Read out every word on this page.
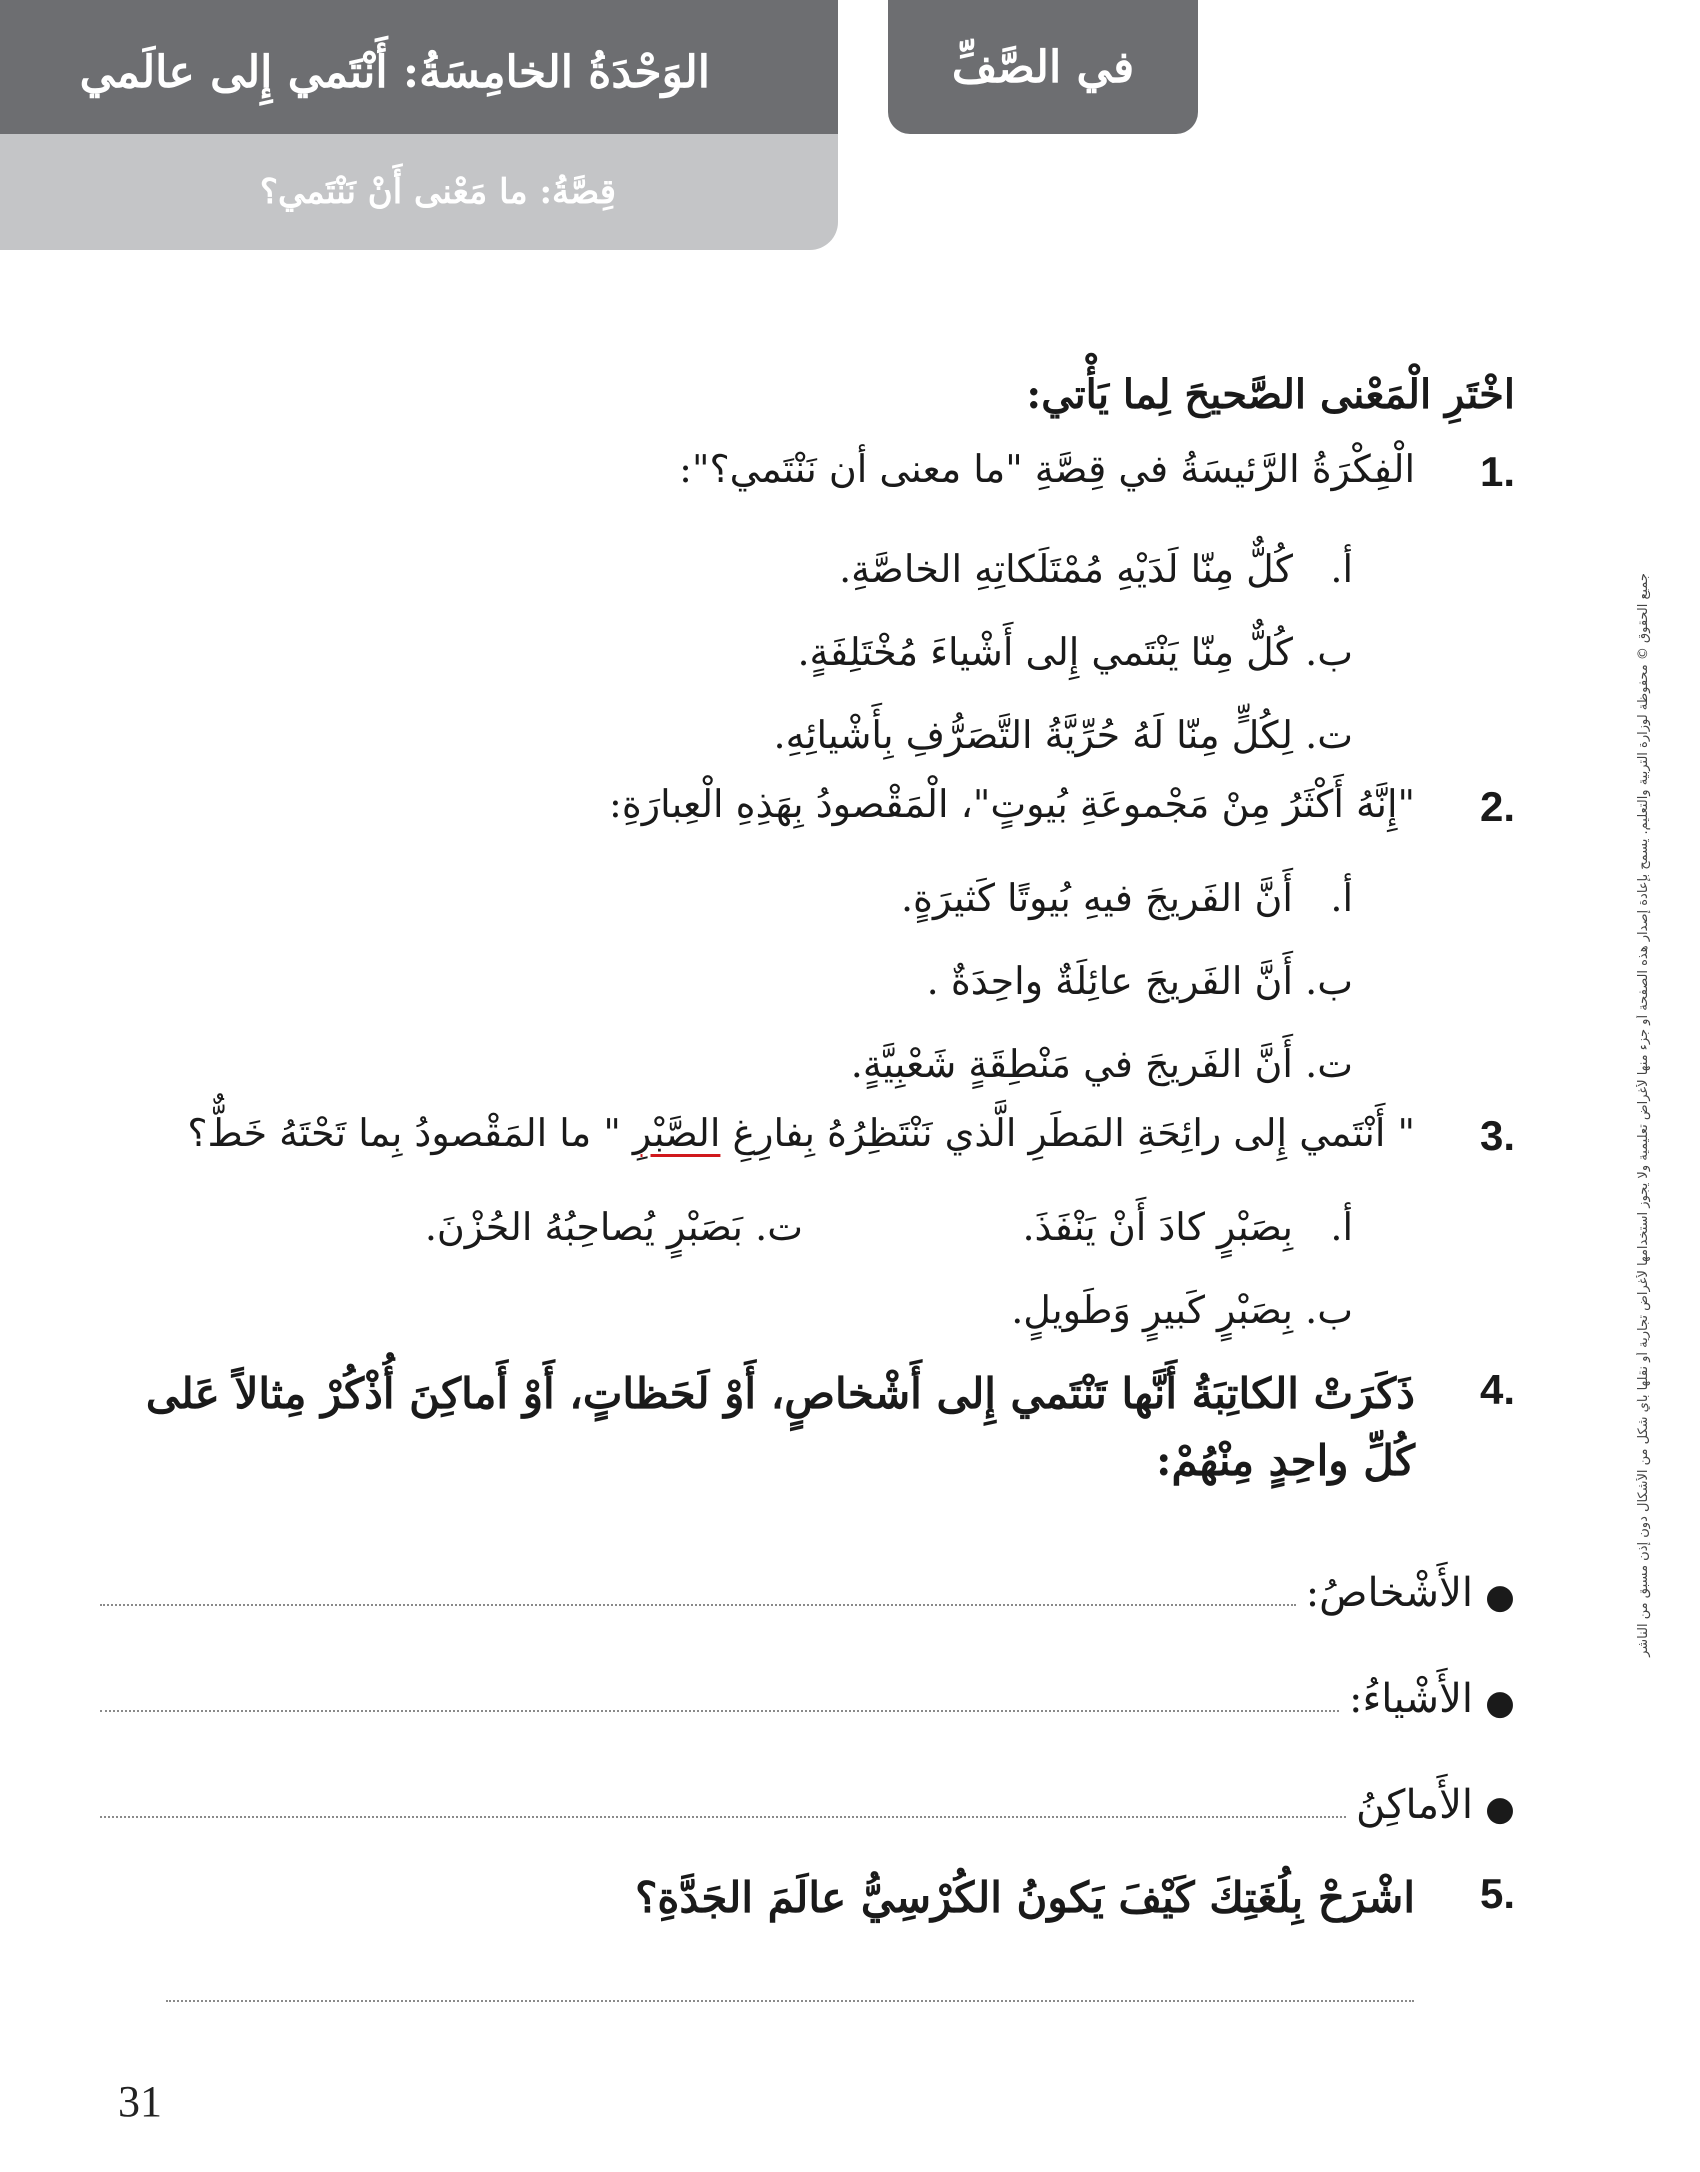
في الصَّفِّ
الوَحْدَةُ الخامِسَةُ: أَنْتَمي إِلى عالَمي
قِصَّةُ: ما مَعْنى أَنْ نَنْتَمي؟
اخْتَرِ الْمَعْنى الصَّحيحَ لِما يَأْتي:
1.
الْفِكْرَةُ الرَّئيسَةُ في قِصَّةِ "ما معنى أن نَنْتَمي؟":
أ.
كُلٌّ مِنّا لَدَيْهِ مُمْتَلَكاتِهِ الخاصَّةِ.
ب.
كُلٌّ مِنّا يَنْتَمي إِلى أَشْياءَ مُخْتَلِفَةٍ.
ت.
لِكُلٍّ مِنّا لَهُ حُرِّيَّةُ التَّصَرُّفِ بِأَشْيائِهِ.
2.
"إِنَّهُ أَكْثَرُ مِنْ مَجْموعَةِ بُيوتٍ"، الْمَقْصودُ بِهَذِهِ الْعِبارَةِ:
أ.
أَنَّ الفَريجَ فيهِ بُيوتًا كَثيرَةٍ.
ب.
أَنَّ الفَريجَ عائِلَةٌ واحِدَةٌ .
ت.
أَنَّ الفَريجَ في مَنْطِقَةٍ شَعْبِيَّةٍ.
3.
" أَنْتَمي إِلى رائِحَةِ المَطَرِ الَّذي نَنْتَظِرُهُ بِفارِغِ الصَّبْرِ " ما المَقْصودُ بِما تَحْتَهُ خَطٌّ؟
أ.
بِصَبْرٍ كادَ أَنْ يَنْفَذَ.
ت.
بَصَبْرٍ يُصاحِبُهُ الحُزْنَ.
ب.
بِصَبْرٍ كَبيرٍ وَطَويلٍ.
4.
ذَكَرَتْ الكاتِبَةُ أَنَّها تَنْتَمي إِلى أَشْخاصٍ، أَوْ لَحَظاتٍ، أَوْ أَماكِنَ أُذْكُرْ مِثالاً عَلى كُلِّ واحِدٍ مِنْهُمْ:
●
الأَشْخاصُ:
●
الأَشْياءُ:
●
الأَماكِنُ
5.
اشْرَحْ بِلُغَتِكَ كَيْفَ يَكونُ الكُرْسِيُّ عالَمَ الجَدَّةِ؟
جميع الحقوق © محفوظة لوزارة التربية والتعليم. يسمح بإعادة إصدار هذه الصفحة أو جزء منها لأغراض تعليمية ولا يجوز استخدامها لأغراض تجارية أو نقلها بأي شكل من الأشكال دون إذن مسبق من الناشر
31
